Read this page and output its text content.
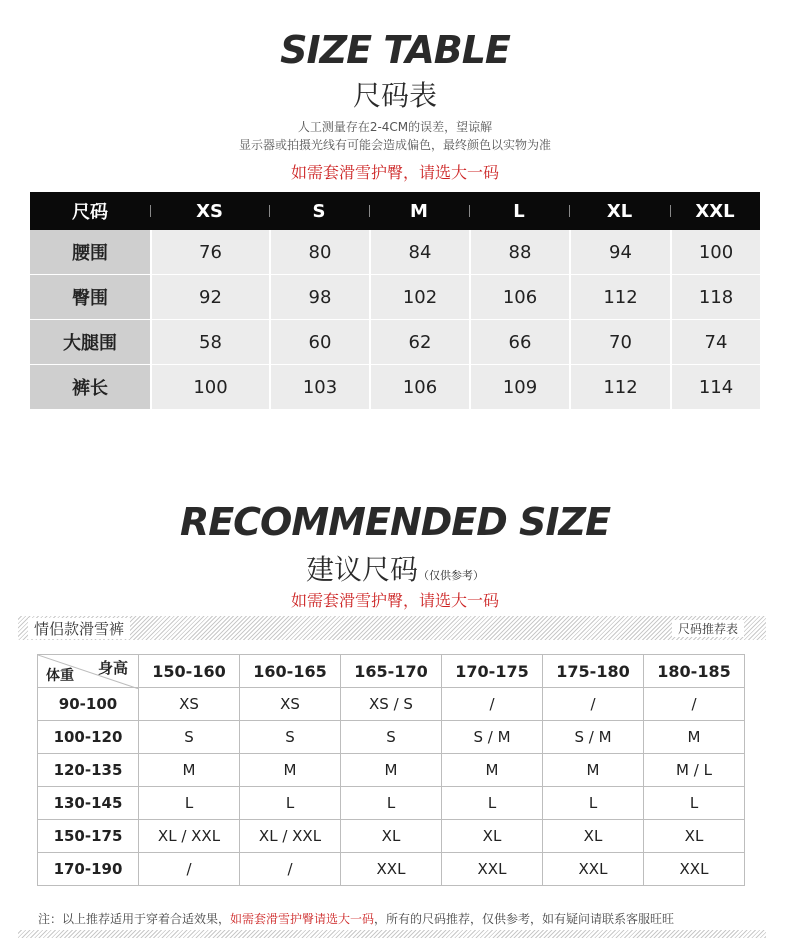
SIZE TABLE
尺码表
人工测量存在2-4CM的误差，望谅解
显示器或拍摄光线有可能会造成偏色，最终颜色以实物为准
如需套滑雪护臀，请选大一码
尺码	XS	S	M	L	XL	XXL
腰围	76	80	84	88	94	100
臀围	92	98	102	106	112	118
大腿围	58	60	62	66	70	74
裤长	100	103	106	109	112	114
RECOMMENDED SIZE
建议尺码（仅供参考）
如需套滑雪护臀，请选大一码
情侣款滑雪裤	尺码推荐表
身高
体重	150-160	160-165	165-170	170-175	175-180	180-185
90-100	XS	XS	XS / S	/	/	/
100-120	S	S	S	S / M	S / M	M
120-135	M	M	M	M	M	M / L
130-145	L	L	L	L	L	L
150-175	XL / XXL	XL / XXL	XL	XL	XL	XL
170-190	/	/	XXL	XXL	XXL	XXL
注：以上推荐适用于穿着合适效果，如需套滑雪护臀请选大一码，所有的尺码推荐，仅供参考，如有疑问请联系客服旺旺
